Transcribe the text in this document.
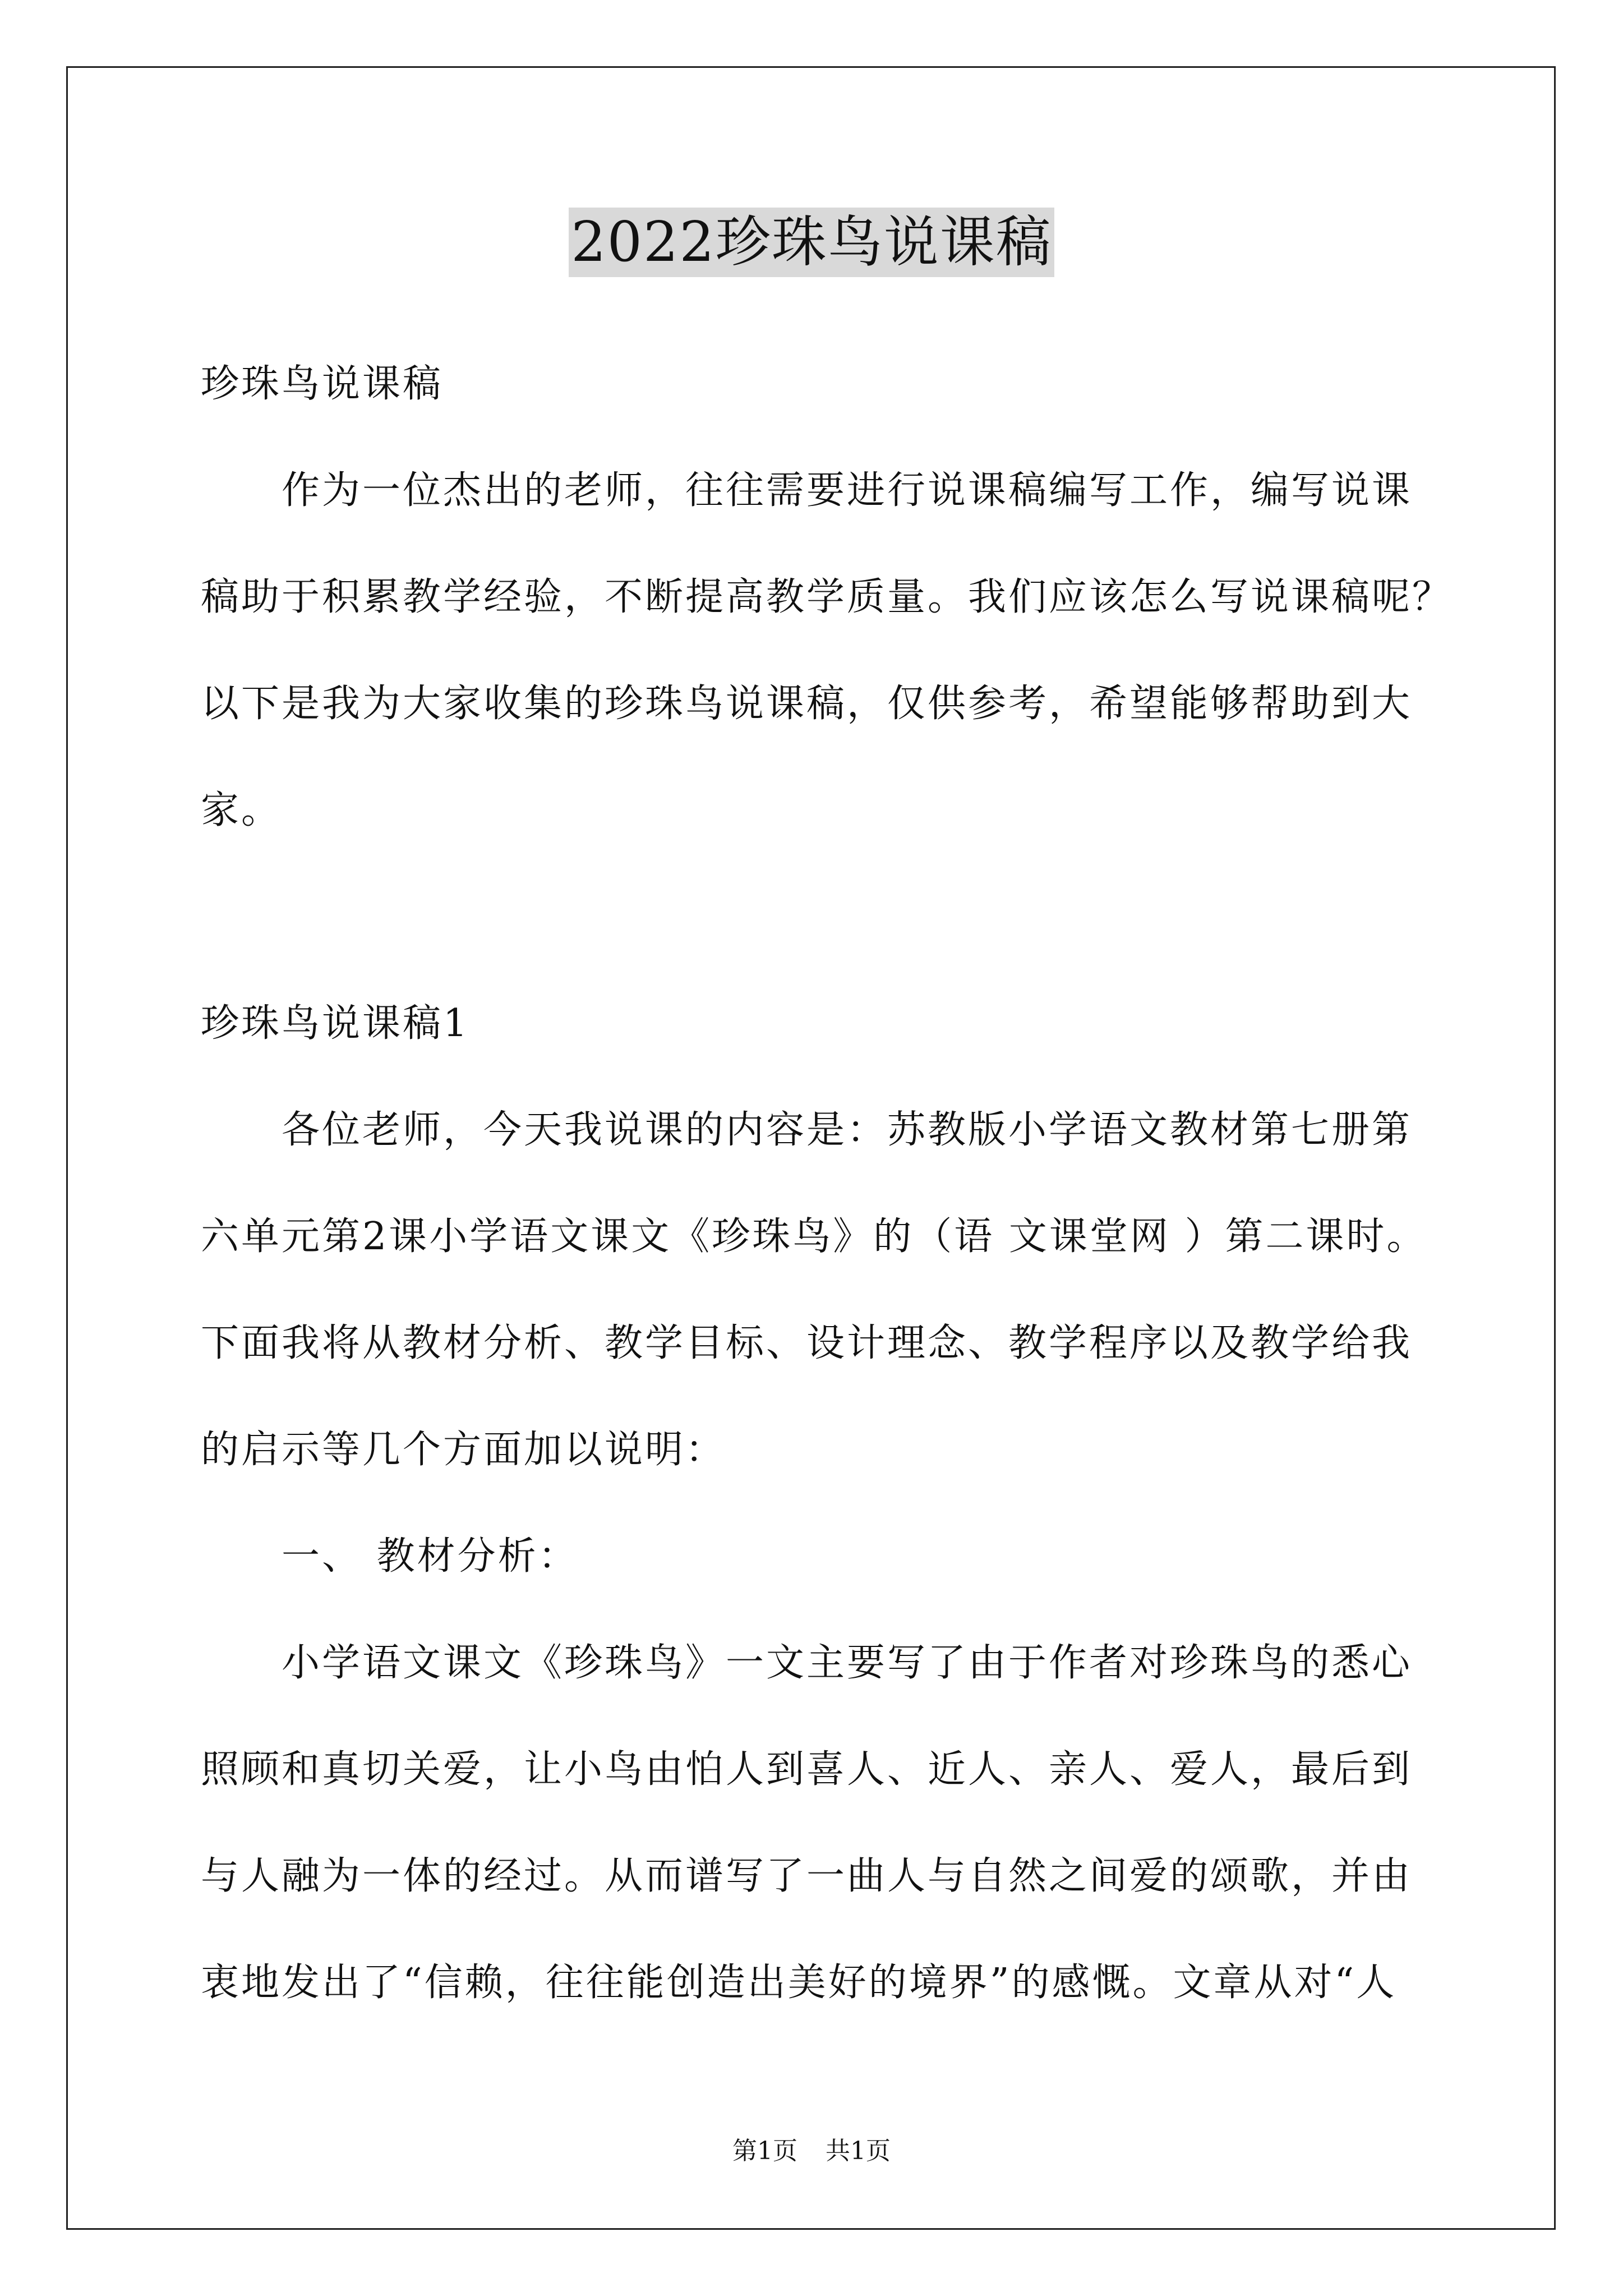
2022珍珠鸟说课稿
珍珠鸟说课稿
作为一位杰出的老师，往往需要进行说课稿编写工作，编写说课
稿助于积累教学经验，不断提高教学质量。我们应该怎么写说课稿呢？
以下是我为大家收集的珍珠鸟说课稿，仅供参考，希望能够帮助到大
家。
珍珠鸟说课稿1
各位老师，今天我说课的内容是：苏教版小学语文教材第七册第
六单元第2课小学语文课文《珍珠鸟》的（语 文课堂网 ）第二课时。
下面我将从教材分析、教学目标、设计理念、教学程序以及教学给我
的启示等几个方面加以说明：
一、 教材分析：
小学语文课文《珍珠鸟》一文主要写了由于作者对珍珠鸟的悉心
照顾和真切关爱，让小鸟由怕人到喜人、近人、亲人、爱人，最后到
与人融为一体的经过。从而谱写了一曲人与自然之间爱的颂歌，并由
衷地发出了“信赖，往往能创造出美好的境界”的感慨。文章从对“人
第1页 共1页
